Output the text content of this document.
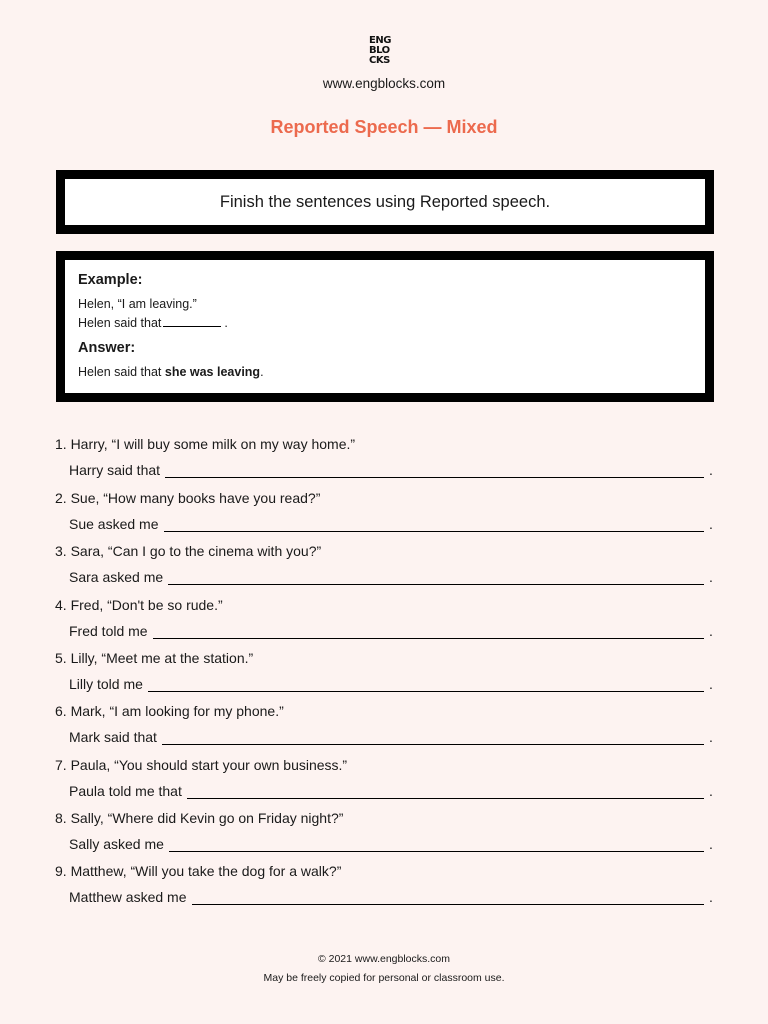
ENG
BLO
CKS
www.engblocks.com
Reported Speech — Mixed
Finish the sentences using Reported speech.
Example:
Helen, “I am leaving.”
Helen said that	.
Answer:
Helen said that she was leaving.
1. Harry, “I will buy some milk on my way home.”
Harry said that	.
2. Sue, “How many books have you read?”
Sue asked me	.
3. Sara, “Can I go to the cinema with you?”
Sara asked me	.
4. Fred, “Don't be so rude.”
Fred told me	.
5. Lilly, “Meet me at the station.”
Lilly told me	.
6. Mark, “I am looking for my phone.”
Mark said that	.
7. Paula, “You should start your own business.”
Paula told me that	.
8. Sally, “Where did Kevin go on Friday night?”
Sally asked me	.
9. Matthew, “Will you take the dog for a walk?”
Matthew asked me	.
© 2021 www.engblocks.com
May be freely copied for personal or classroom use.
